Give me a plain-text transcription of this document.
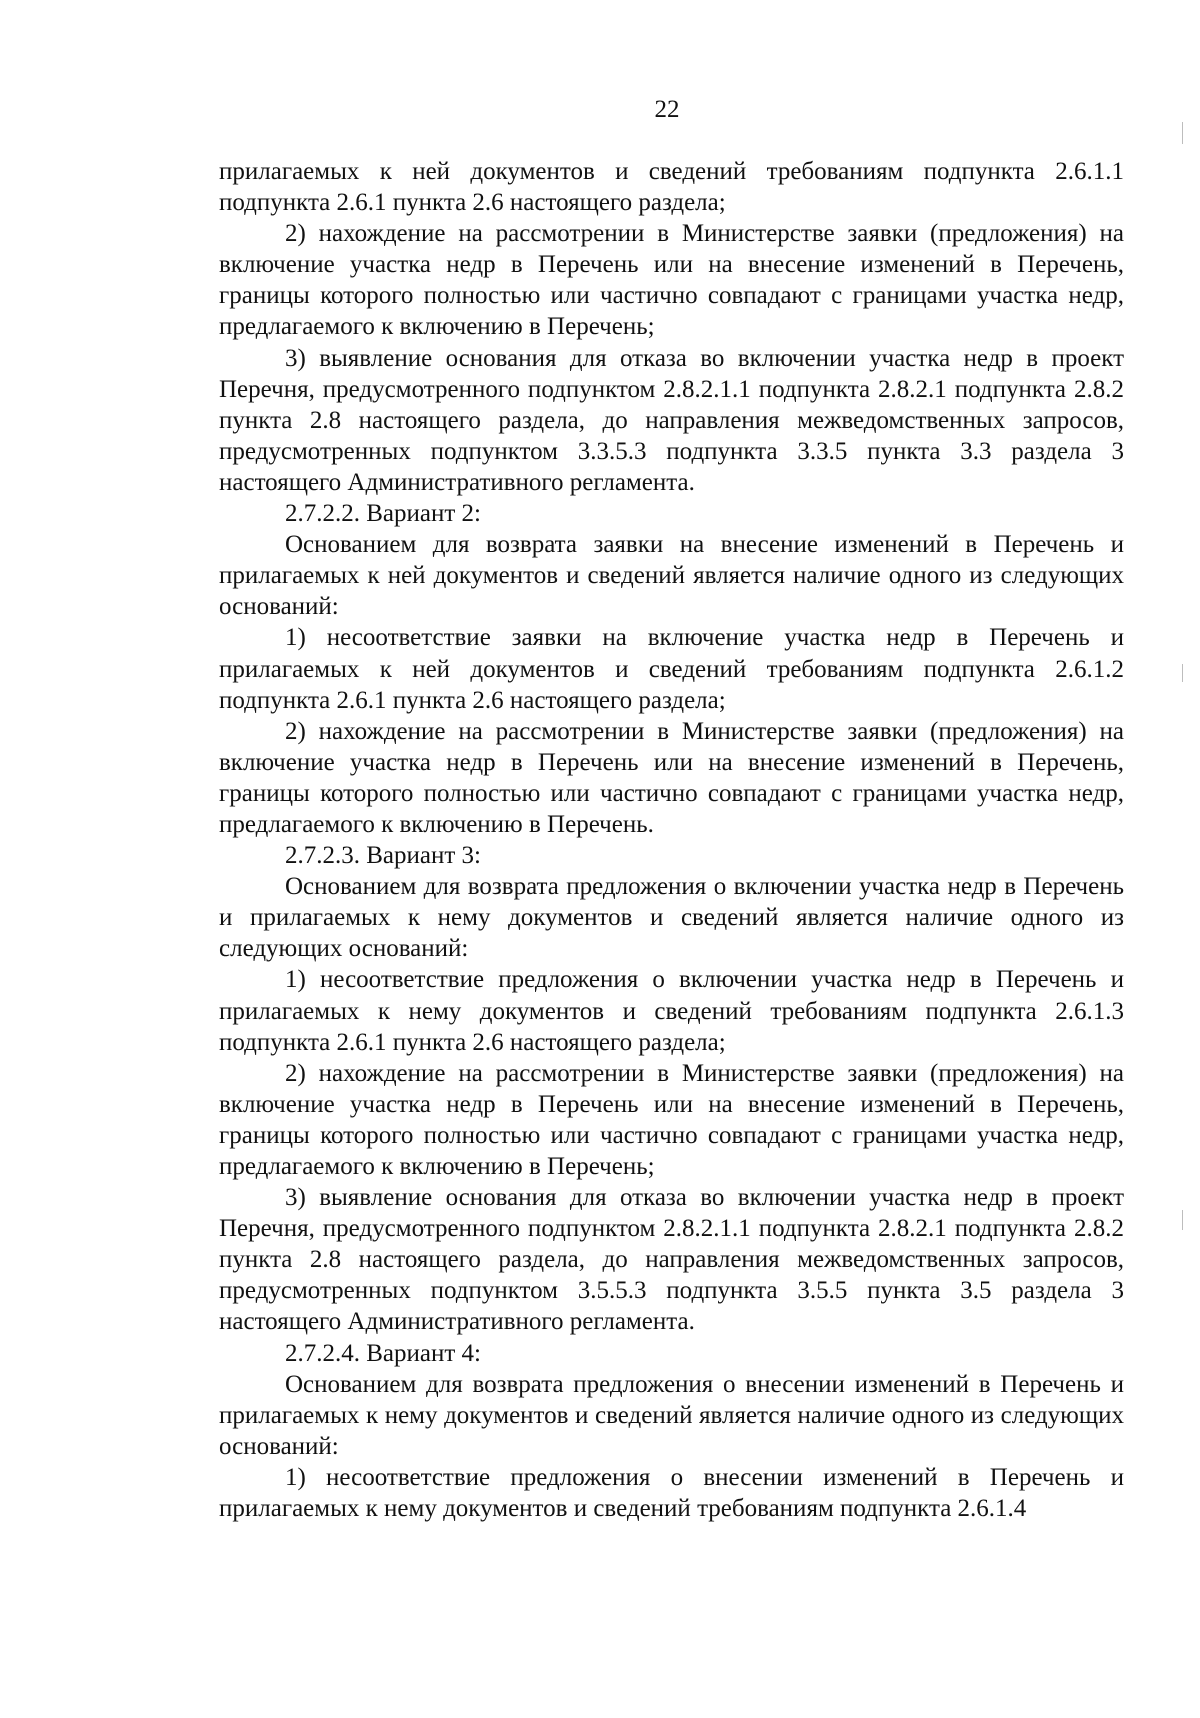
22

прилагаемых к ней документов и сведений требованиям подпункта 2.6.1.1 подпункта 2.6.1 пункта 2.6 настоящего раздела;

2) нахождение на рассмотрении в Министерстве заявки (предложения) на включение участка недр в Перечень или на внесение изменений в Перечень, границы которого полностью или частично совпадают с границами участка недр, предлагаемого к включению в Перечень;

3) выявление основания для отказа во включении участка недр в проект Перечня, предусмотренного подпунктом 2.8.2.1.1 подпункта 2.8.2.1 подпункта 2.8.2 пункта 2.8 настоящего раздела, до направления межведомственных запросов, предусмотренных подпунктом 3.3.5.3 подпункта 3.3.5 пункта 3.3 раздела 3 настоящего Административного регламента.

2.7.2.2. Вариант 2:

Основанием для возврата заявки на внесение изменений в Перечень и прилагаемых к ней документов и сведений является наличие одного из следующих оснований:

1) несоответствие заявки на включение участка недр в Перечень и прилагаемых к ней документов и сведений требованиям подпункта 2.6.1.2 подпункта 2.6.1 пункта 2.6 настоящего раздела;

2) нахождение на рассмотрении в Министерстве заявки (предложения) на включение участка недр в Перечень или на внесение изменений в Перечень, границы которого полностью или частично совпадают с границами участка недр, предлагаемого к включению в Перечень.

2.7.2.3. Вариант 3:

Основанием для возврата предложения о включении участка недр в Перечень и прилагаемых к нему документов и сведений является наличие одного из следующих оснований:

1) несоответствие предложения о включении участка недр в Перечень и прилагаемых к нему документов и сведений требованиям подпункта 2.6.1.3 подпункта 2.6.1 пункта 2.6 настоящего раздела;

2) нахождение на рассмотрении в Министерстве заявки (предложения) на включение участка недр в Перечень или на внесение изменений в Перечень, границы которого полностью или частично совпадают с границами участка недр, предлагаемого к включению в Перечень;

3) выявление основания для отказа во включении участка недр в проект Перечня, предусмотренного подпунктом 2.8.2.1.1 подпункта 2.8.2.1 подпункта 2.8.2 пункта 2.8 настоящего раздела, до направления межведомственных запросов, предусмотренных подпунктом 3.5.5.3 подпункта 3.5.5 пункта 3.5 раздела 3 настоящего Административного регламента.

2.7.2.4. Вариант 4:

Основанием для возврата предложения о внесении изменений в Перечень и прилагаемых к нему документов и сведений является наличие одного из следующих оснований:

1) несоответствие предложения о внесении изменений в Перечень и прилагаемых к нему документов и сведений требованиям подпункта 2.6.1.4
